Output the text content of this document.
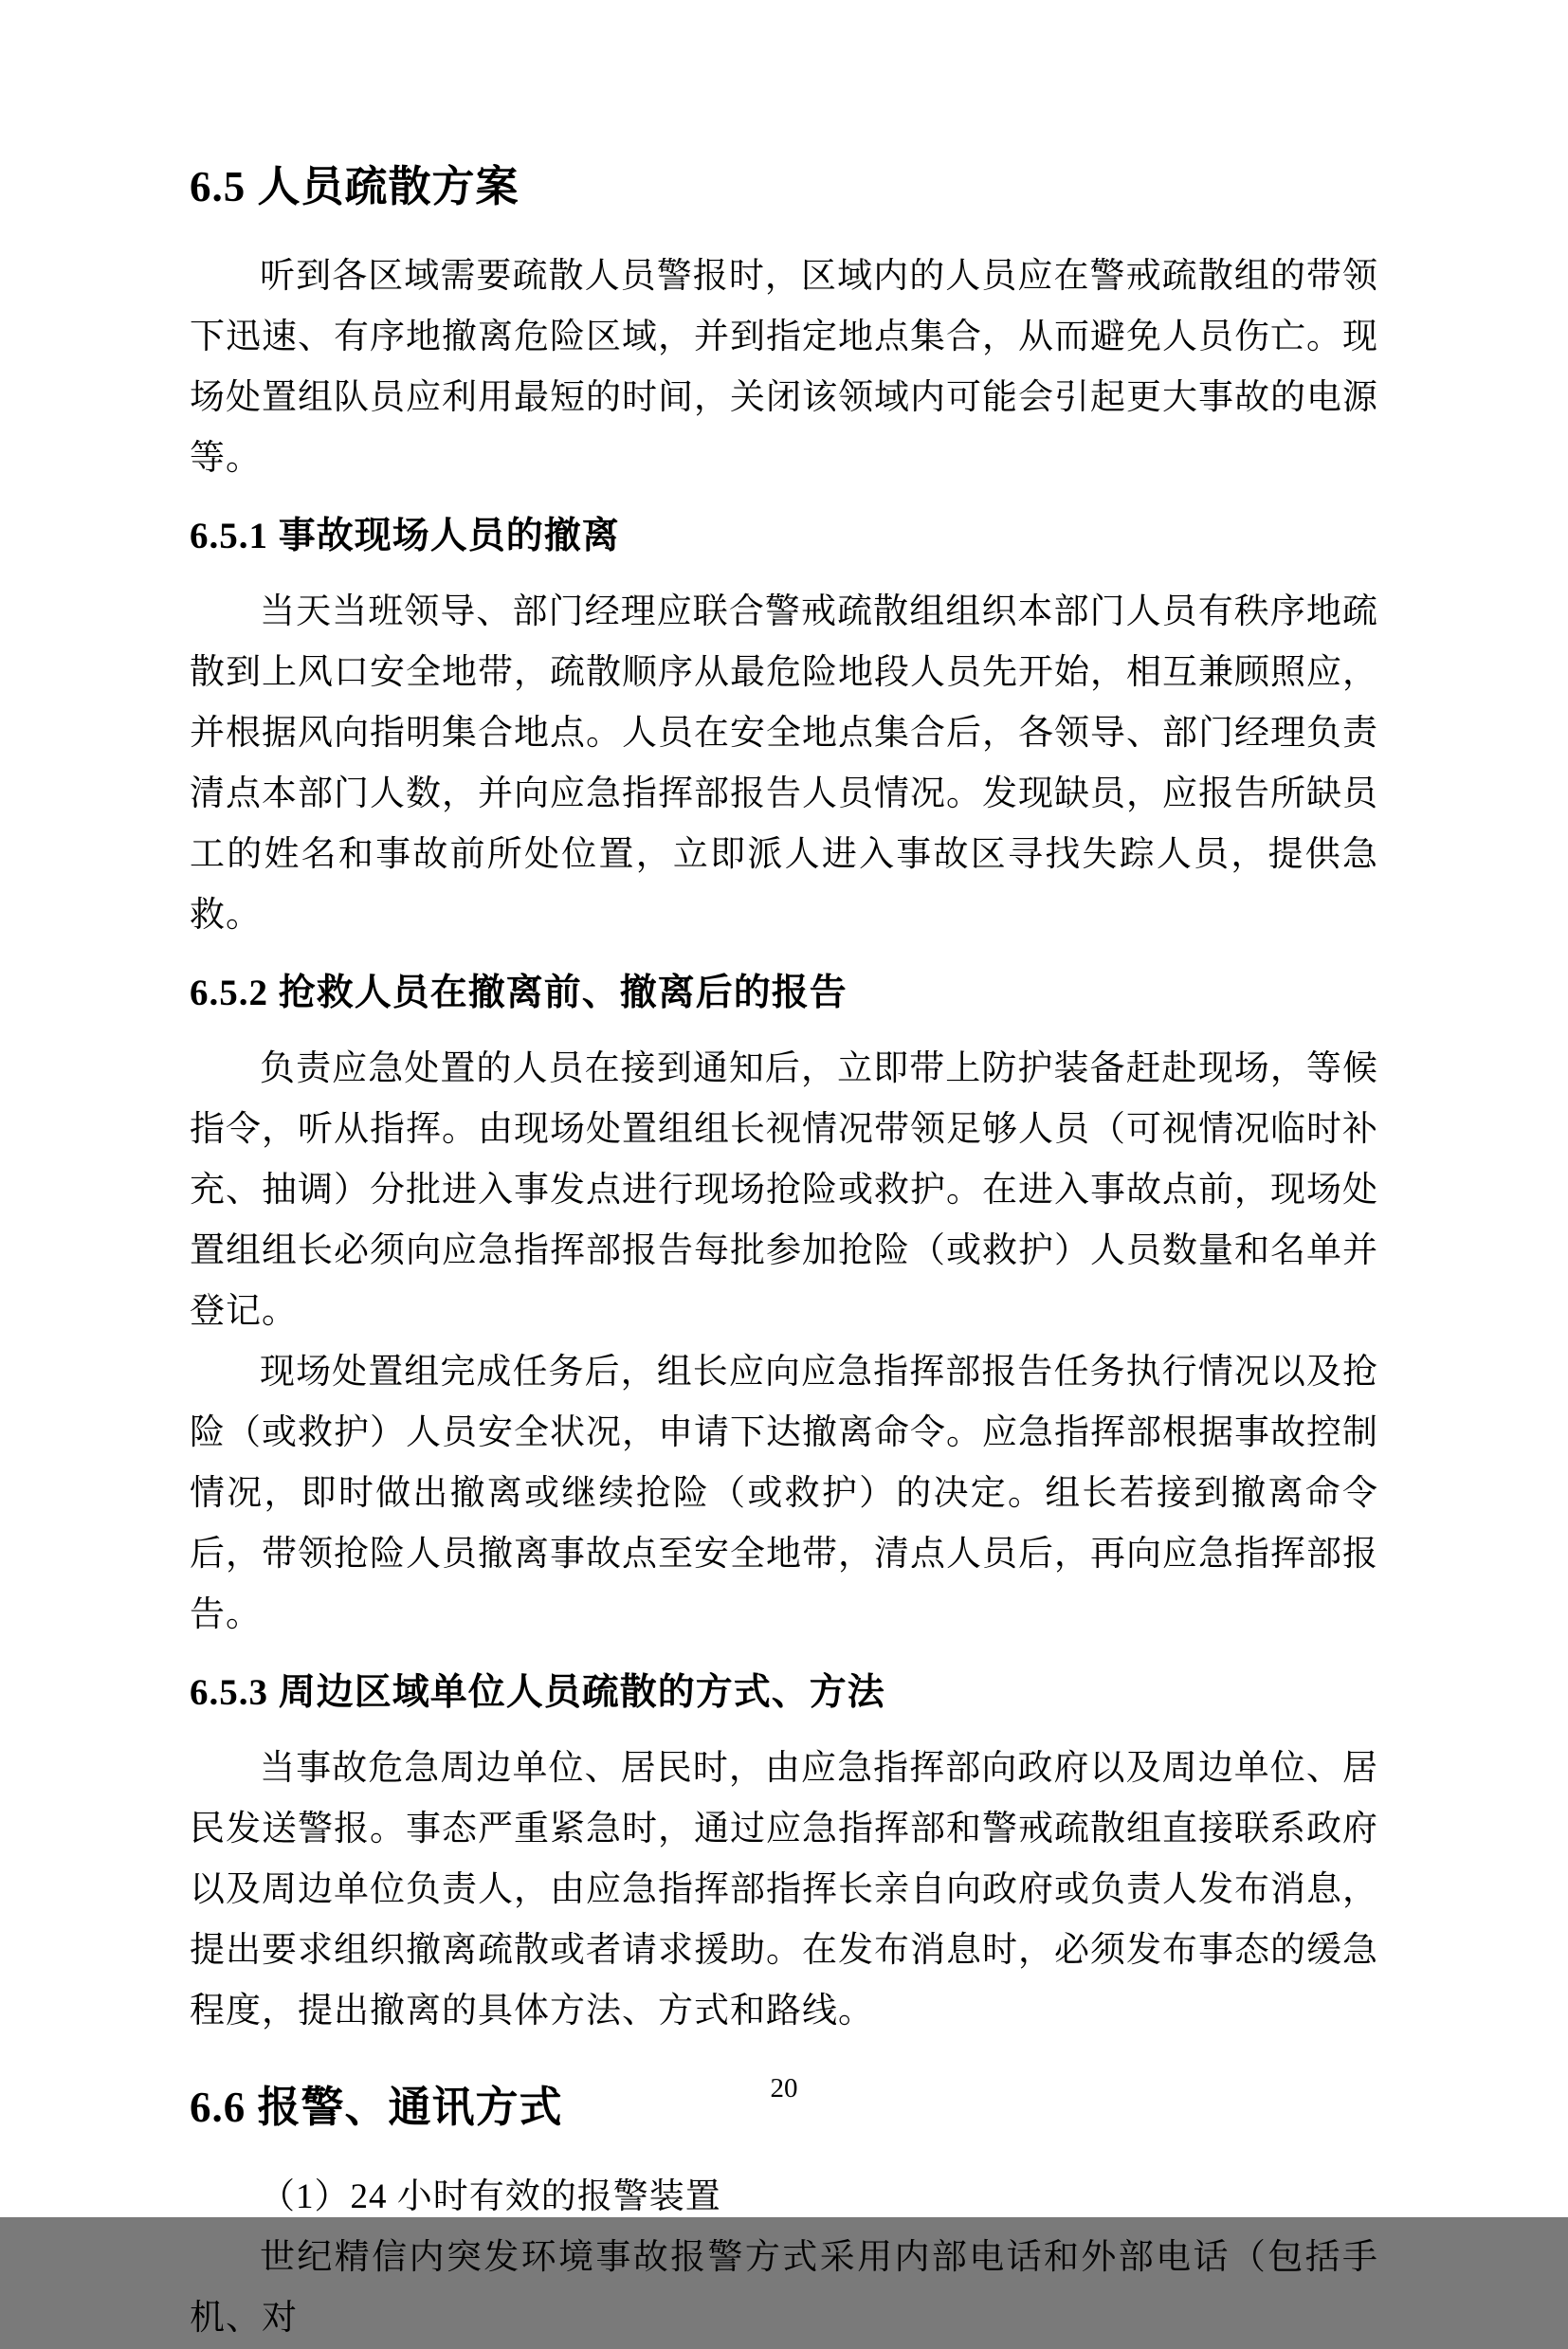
6.5 人员疏散方案
听到各区域需要疏散人员警报时，区域内的人员应在警戒疏散组的带领下迅速、有序地撤离危险区域，并到指定地点集合，从而避免人员伤亡。现场处置组队员应利用最短的时间，关闭该领域内可能会引起更大事故的电源等。
6.5.1 事故现场人员的撤离
当天当班领导、部门经理应联合警戒疏散组组织本部门人员有秩序地疏散到上风口安全地带，疏散顺序从最危险地段人员先开始，相互兼顾照应，并根据风向指明集合地点。人员在安全地点集合后，各领导、部门经理负责清点本部门人数，并向应急指挥部报告人员情况。发现缺员，应报告所缺员工的姓名和事故前所处位置，立即派人进入事故区寻找失踪人员，提供急救。
6.5.2 抢救人员在撤离前、撤离后的报告
负责应急处置的人员在接到通知后，立即带上防护装备赶赴现场，等候指令，听从指挥。由现场处置组组长视情况带领足够人员（可视情况临时补充、抽调）分批进入事发点进行现场抢险或救护。在进入事故点前，现场处置组组长必须向应急指挥部报告每批参加抢险（或救护）人员数量和名单并登记。
现场处置组完成任务后，组长应向应急指挥部报告任务执行情况以及抢险（或救护）人员安全状况，申请下达撤离命令。应急指挥部根据事故控制情况，即时做出撤离或继续抢险（或救护）的决定。组长若接到撤离命令后，带领抢险人员撤离事故点至安全地带，清点人员后，再向应急指挥部报告。
6.5.3 周边区域单位人员疏散的方式、方法
当事故危急周边单位、居民时，由应急指挥部向政府以及周边单位、居民发送警报。事态严重紧急时，通过应急指挥部和警戒疏散组直接联系政府以及周边单位负责人，由应急指挥部指挥长亲自向政府或负责人发布消息，提出要求组织撤离疏散或者请求援助。在发布消息时，必须发布事态的缓急程度，提出撤离的具体方法、方式和路线。
6.6 报警、通讯方式
（1）24 小时有效的报警装置
世纪精信内突发环境事故报警方式采用内部电话和外部电话（包括手机、对
20
